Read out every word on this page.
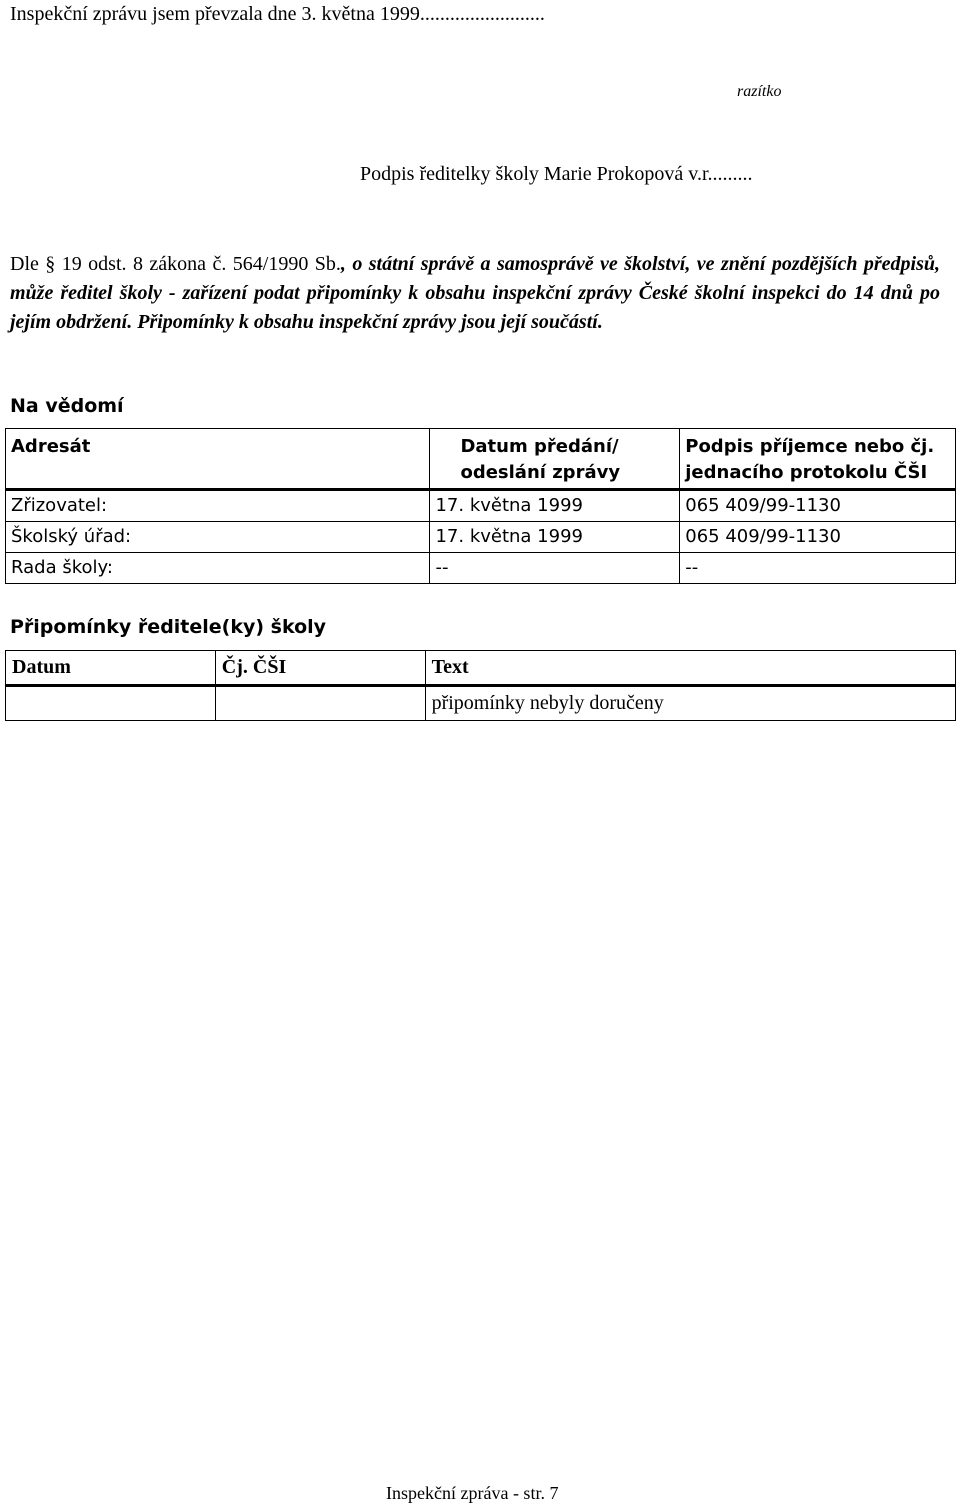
Inspekční zprávu jsem převzala dne 3. května 1999.........................
razítko
Podpis ředitelky školy Marie Prokopová v.r.........
Dle § 19 odst. 8 zákona č. 564/1990 Sb., o státní správě a samosprávě ve školství, ve znění pozdějších předpisů, může ředitel školy - zařízení podat připomínky k obsahu inspekční zprávy České školní inspekci do 14 dnů po jejím obdržení. Připomínky k obsahu inspekční zprávy jsou její součástí.
Na vědomí
Adresát	Datum předání/ odeslání zprávy	Podpis příjemce nebo čj. jednacího protokolu ČŠI
Zřizovatel:	17. května 1999	065 409/99-1130
Školský úřad:	17. května 1999	065 409/99-1130
Rada školy:	--	--
Připomínky ředitele(ky) školy
Datum	Čj. ČŠI	Text
		připomínky nebyly doručeny
Inspekční zpráva - str. 7
